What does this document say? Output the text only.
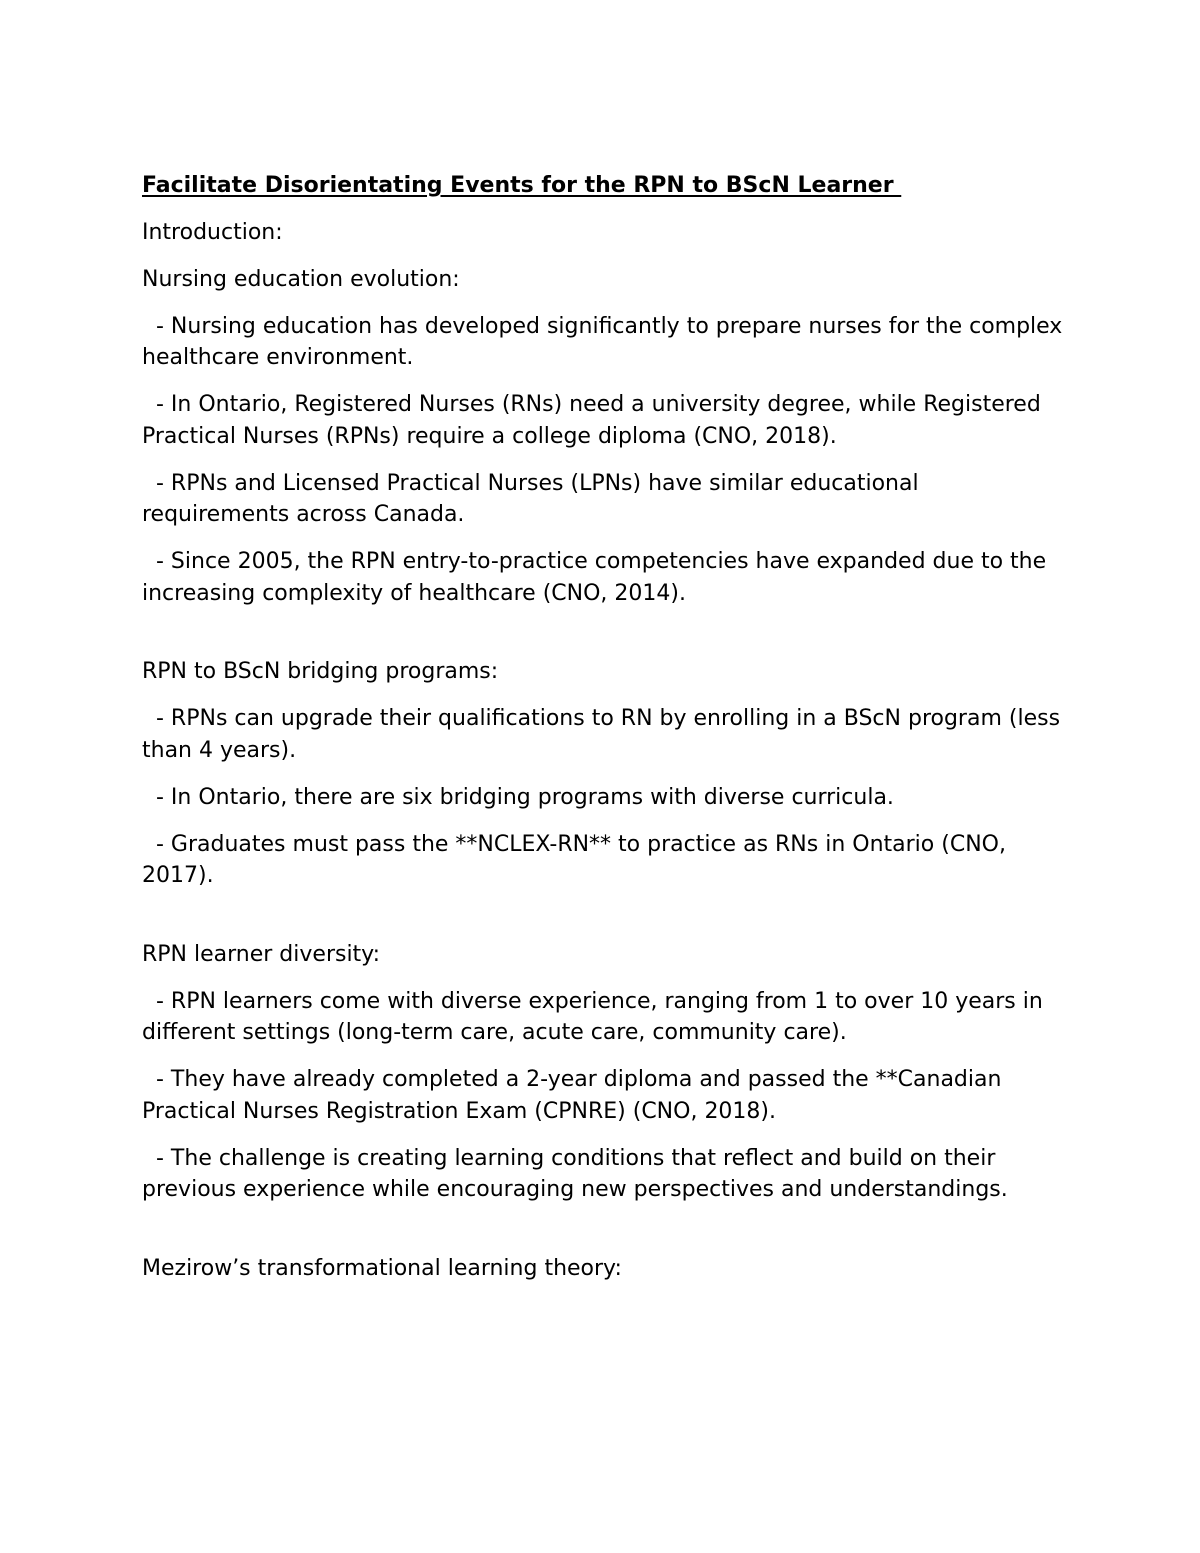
Facilitate Disorientating Events for the RPN to BScN Learner
Introduction:
Nursing education evolution:
- Nursing education has developed significantly to prepare nurses for the complex healthcare environment.
- In Ontario, Registered Nurses (RNs) need a university degree, while Registered Practical Nurses (RPNs) require a college diploma (CNO, 2018).
- RPNs and Licensed Practical Nurses (LPNs) have similar educational requirements across Canada.
- Since 2005, the RPN entry-to-practice competencies have expanded due to the increasing complexity of healthcare (CNO, 2014).
RPN to BScN bridging programs:
- RPNs can upgrade their qualifications to RN by enrolling in a BScN program (less than 4 years).
- In Ontario, there are six bridging programs with diverse curricula.
- Graduates must pass the **NCLEX-RN** to practice as RNs in Ontario (CNO, 2017).
RPN learner diversity:
- RPN learners come with diverse experience, ranging from 1 to over 10 years in different settings (long-term care, acute care, community care).
- They have already completed a 2-year diploma and passed the **Canadian Practical Nurses Registration Exam (CPNRE) (CNO, 2018).
- The challenge is creating learning conditions that reflect and build on their previous experience while encouraging new perspectives and understandings.
Mezirow’s transformational learning theory:
